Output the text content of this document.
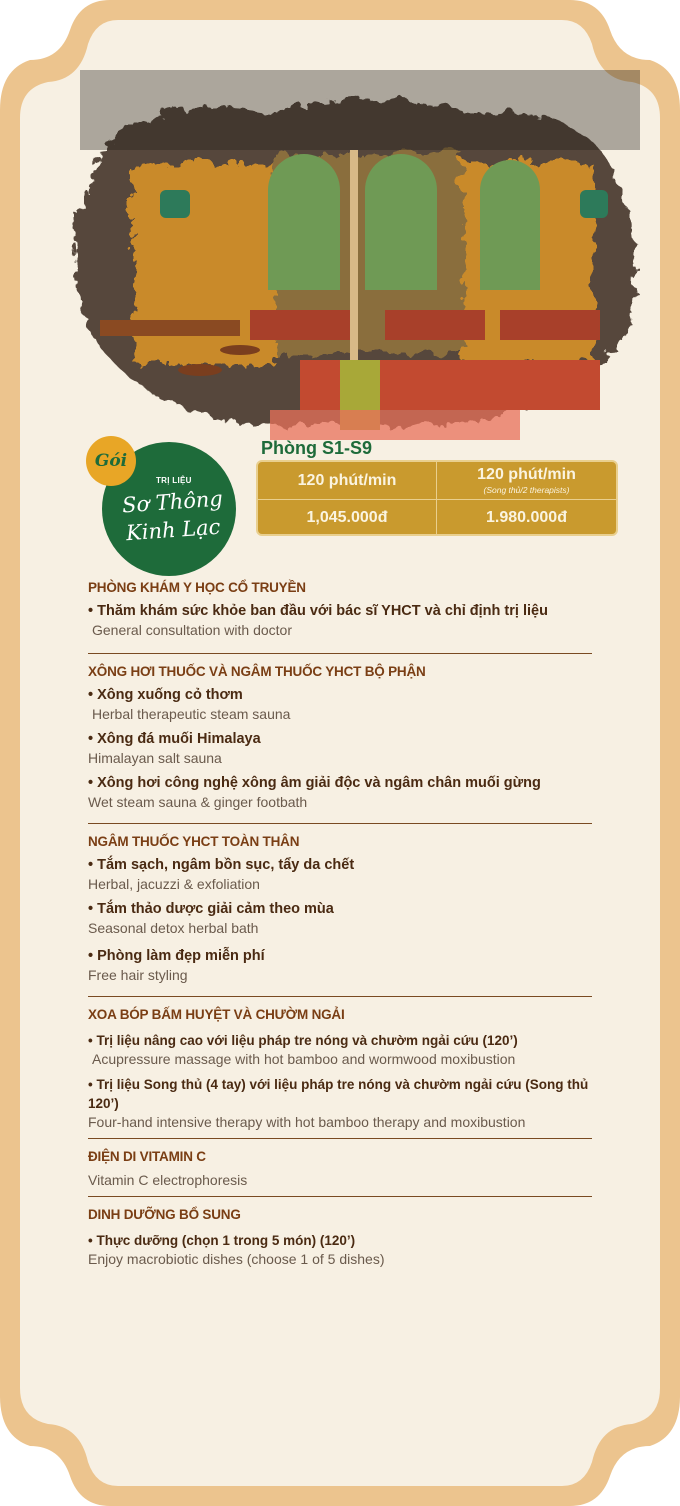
Gói
TRỊ LIỆU
Sơ Thông
Kinh Lạc
Phòng S1-S9
120 phút/min	120 phút/min
(Song thủ/2 therapists)
1,045.000đ	1.980.000đ
PHÒNG KHÁM Y HỌC CỔ TRUYỀN
• Thăm khám sức khỏe ban đầu với bác sĩ YHCT và chỉ định trị liệu
General consultation with doctor
XÔNG HƠI THUỐC VÀ NGÂM THUỐC YHCT BỘ PHẬN
• Xông xuống cỏ thơm
Herbal therapeutic steam sauna
• Xông đá muối Himalaya
Himalayan salt sauna
• Xông hơi công nghệ xông âm giải độc và ngâm chân muối gừng
Wet steam sauna & ginger footbath
NGÂM THUỐC YHCT TOÀN THÂN
• Tắm sạch, ngâm bồn sục, tẩy da chết
Herbal, jacuzzi & exfoliation
• Tắm thảo dược giải cảm theo mùa
Seasonal detox herbal bath
• Phòng làm đẹp miễn phí
Free hair styling
XOA BÓP BẤM HUYỆT VÀ CHƯỜM NGẢI
• Trị liệu nâng cao với liệu pháp tre nóng và chườm ngải cứu (120’)
Acupressure massage with hot bamboo and wormwood moxibustion
• Trị liệu Song thủ (4 tay) với liệu pháp tre nóng và chườm ngải cứu (Song thủ 120’)
Four-hand intensive therapy with hot bamboo therapy and moxibustion
ĐIỆN DI VITAMIN C
Vitamin C electrophoresis
DINH DƯỠNG BỔ SUNG
• Thực dưỡng (chọn 1 trong 5 món) (120’)
Enjoy macrobiotic dishes (choose 1 of 5 dishes)
